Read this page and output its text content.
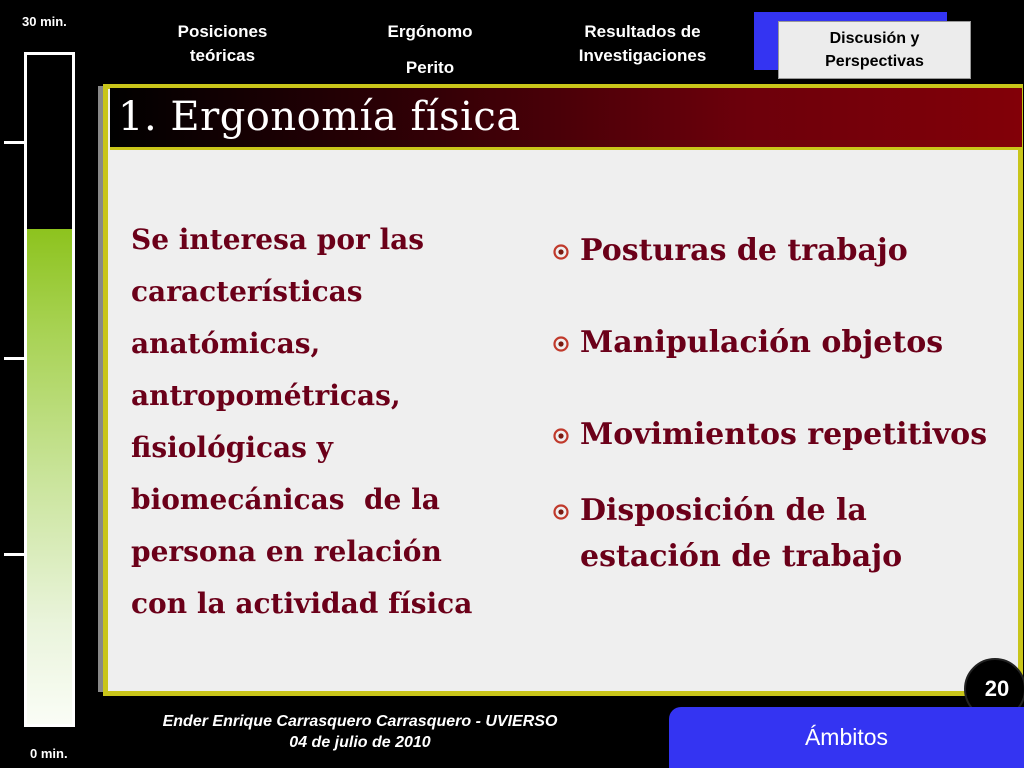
30 min.
0 min.
Posiciones
teóricas
Ergónomo
Perito
Resultados de
Investigaciones
Discusión y
Perspectivas
1. Ergonomía física
Se interesa por las
características
anatómicas,
antropométricas,
fisiológicas y
biomecánicas  de la
persona en relación
con la actividad física
Posturas de trabajo
Manipulación objetos
Movimientos repetitivos
Disposición de la estación de trabajo
20
Ender Enrique Carrasquero Carrasquero - UVIERSO
04 de julio de 2010	Ámbitos
